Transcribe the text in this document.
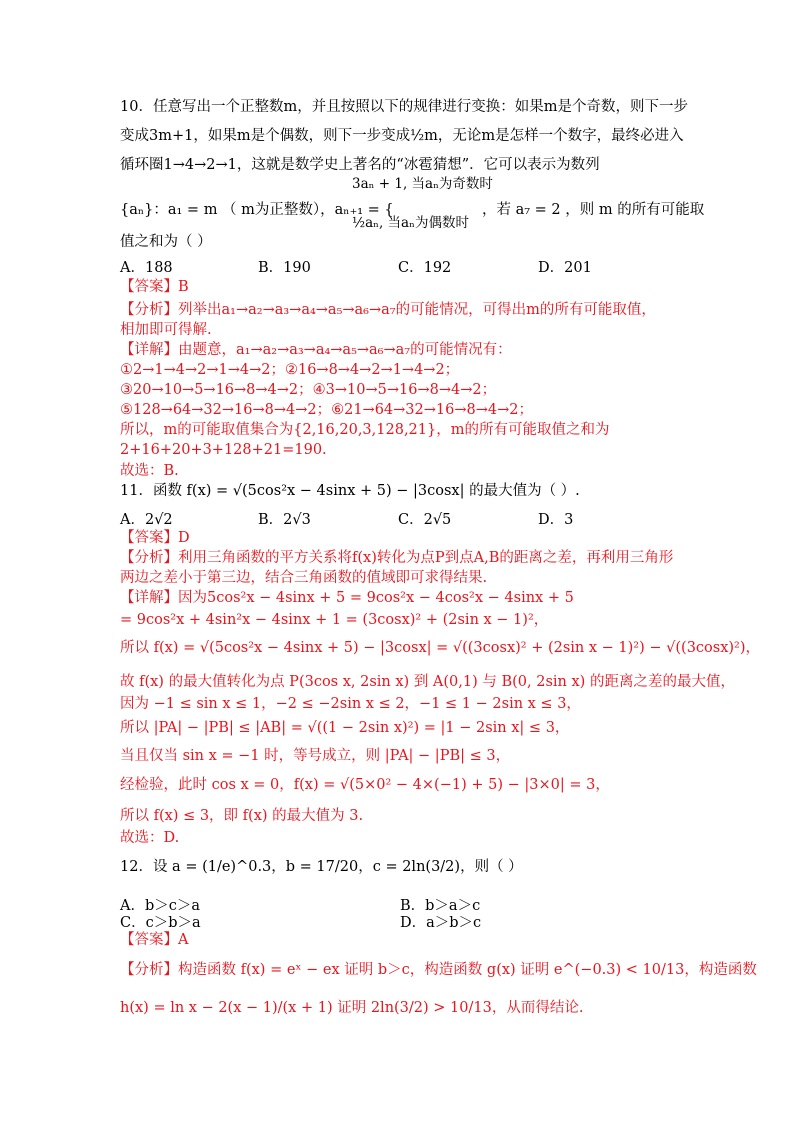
10．任意写出一个正整数m，并且按照以下的规律进行变换：如果m是个奇数，则下一步
变成3m+1，如果m是个偶数，则下一步变成½m，无论m是怎样一个数字，最终必进入
循环圈1→4→2→1，这就是数学史上著名的“冰雹猜想”．它可以表示为数列
{aₙ}：a₁ = m （ m为正整数），aₙ₊₁ = {
3aₙ + 1, 当aₙ为奇数时
½aₙ, 当aₙ为偶数时
，若 a₇ = 2 ，则 m 的所有可能取
值之和为（ ）
A．188	B．190	C．192	D．201
【答案】B
【分析】列举出a₁→a₂→a₃→a₄→a₅→a₆→a₇的可能情况，可得出m的所有可能取值，
相加即可得解.
【详解】由题意，a₁→a₂→a₃→a₄→a₅→a₆→a₇的可能情况有：
①2→1→4→2→1→4→2；②16→8→4→2→1→4→2；
③20→10→5→16→8→4→2；④3→10→5→16→8→4→2；
⑤128→64→32→16→8→4→2；⑥21→64→32→16→8→4→2；
所以，m的可能取值集合为{2,16,20,3,128,21}，m的所有可能取值之和为
2+16+20+3+128+21=190.
故选：B.
11．函数 f(x) = √(5cos²x − 4sinx + 5) − |3cosx| 的最大值为（ ）.
A．2√2	B．2√3	C．2√5	D．3
【答案】D
【分析】利用三角函数的平方关系将f(x)转化为点P到点A,B的距离之差，再利用三角形
两边之差小于第三边，结合三角函数的值域即可求得结果.
【详解】因为5cos²x − 4sinx + 5 = 9cos²x − 4cos²x − 4sinx + 5
= 9cos²x + 4sin²x − 4sinx + 1 = (3cosx)² + (2sin x − 1)²，
所以 f(x) = √(5cos²x − 4sinx + 5) − |3cosx| = √((3cosx)² + (2sin x − 1)²) − √((3cosx)²)，
故 f(x) 的最大值转化为点 P(3cos x, 2sin x) 到 A(0,1) 与 B(0, 2sin x) 的距离之差的最大值，
因为 −1 ≤ sin x ≤ 1，−2 ≤ −2sin x ≤ 2，−1 ≤ 1 − 2sin x ≤ 3，
所以 |PA| − |PB| ≤ |AB| = √((1 − 2sin x)²) = |1 − 2sin x| ≤ 3，
当且仅当 sin x = −1 时，等号成立，则 |PA| − |PB| ≤ 3，
经检验，此时 cos x = 0，f(x) = √(5×0² − 4×(−1) + 5) − |3×0| = 3，
所以 f(x) ≤ 3，即 f(x) 的最大值为 3.
故选：D.
12．设 a = (1/e)^0.3，b = 17/20，c = 2ln(3/2)，则（ ）
A．b＞c＞a	B．b＞a＞c
C．c＞b＞a	D．a＞b＞c
【答案】A
【分析】构造函数 f(x) = eˣ − ex 证明 b＞c，构造函数 g(x) 证明 e^(−0.3) < 10/13，构造函数
h(x) = ln x − 2(x − 1)/(x + 1) 证明 2ln(3/2) > 10/13，从而得结论.
